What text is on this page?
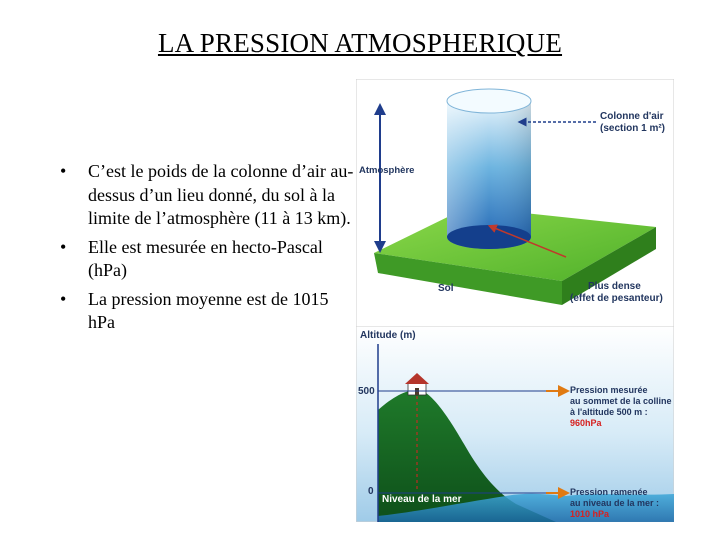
LA PRESSION ATMOSPHERIQUE
• C’est le poids de la colonne d’air au-dessus d’un lieu donné, du sol à la limite de l’atmosphère (11 à 13 km).
• Elle est mesurée en hecto-Pascal (hPa)
• La pression moyenne est de 1015 hPa
Colonne d'air
(section 1 m²)
Atmosphère
Sol	Plus dense
(effet de pesanteur)
Altitude (m)
500
0
Niveau de la mer
Pression mesurée
au sommet de la colline
à l'altitude 500 m :
960hPa
Pression ramenée
au niveau de la mer :
1010 hPa
